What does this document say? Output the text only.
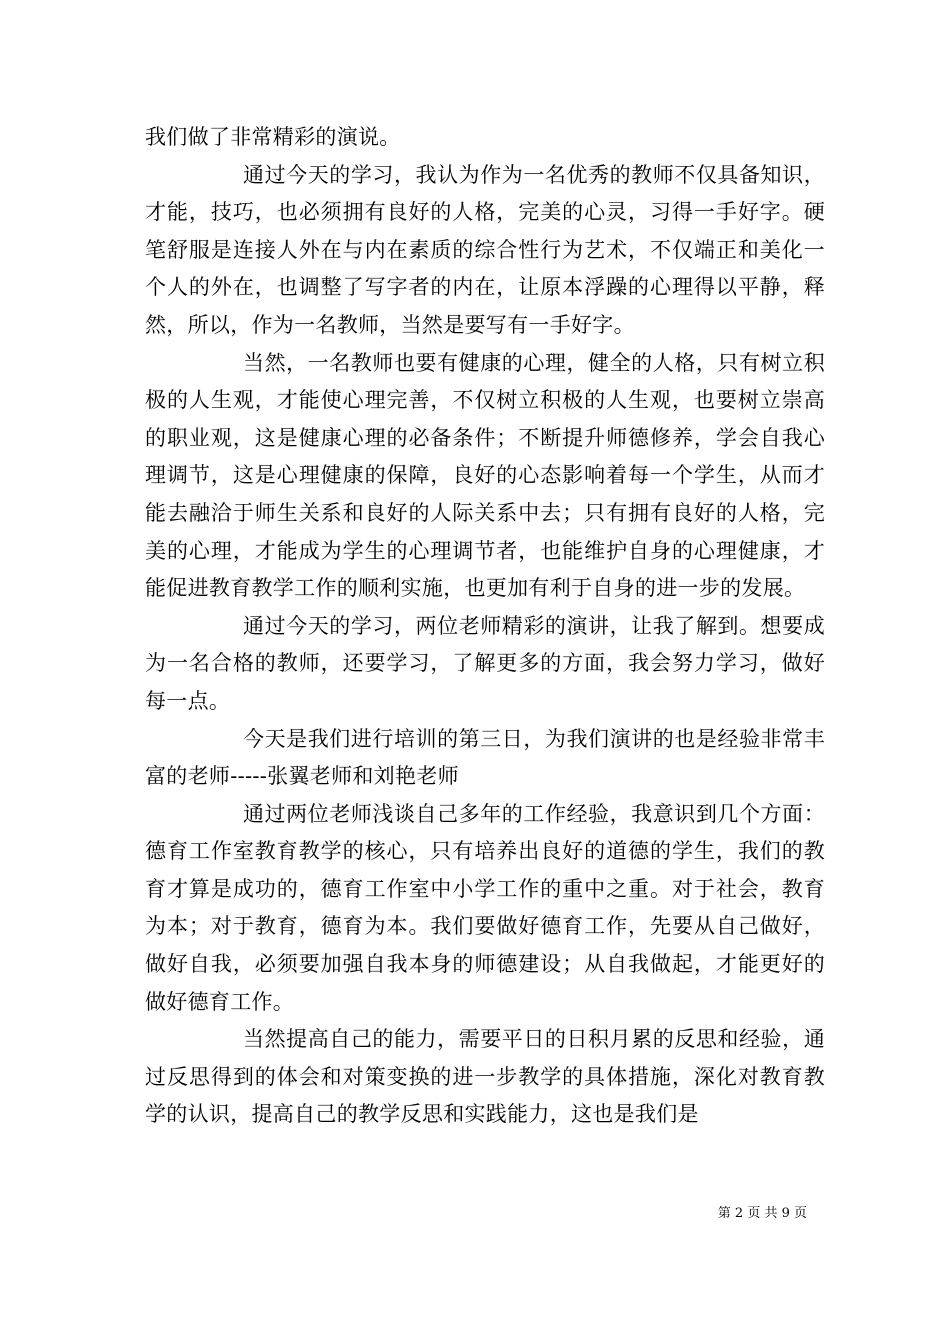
我们做了非常精彩的演说。

通过今天的学习，我认为作为一名优秀的教师不仅具备知识，才能，技巧，也必须拥有良好的人格，完美的心灵，习得一手好字。硬笔舒服是连接人外在与内在素质的综合性行为艺术，不仅端正和美化一个人的外在，也调整了写字者的内在，让原本浮躁的心理得以平静，释然，所以，作为一名教师，当然是要写有一手好字。

当然，一名教师也要有健康的心理，健全的人格，只有树立积极的人生观，才能使心理完善，不仅树立积极的人生观，也要树立崇高的职业观，这是健康心理的必备条件；不断提升师德修养，学会自我心理调节，这是心理健康的保障，良好的心态影响着每一个学生，从而才能去融洽于师生关系和良好的人际关系中去；只有拥有良好的人格，完美的心理，才能成为学生的心理调节者，也能维护自身的心理健康，才能促进教育教学工作的顺利实施，也更加有利于自身的进一步的发展。

通过今天的学习，两位老师精彩的演讲，让我了解到。想要成为一名合格的教师，还要学习，了解更多的方面，我会努力学习，做好每一点。

今天是我们进行培训的第三日，为我们演讲的也是经验非常丰富的老师-----张翼老师和刘艳老师

通过两位老师浅谈自己多年的工作经验，我意识到几个方面：德育工作室教育教学的核心，只有培养出良好的道德的学生，我们的教育才算是成功的，德育工作室中小学工作的重中之重。对于社会，教育为本；对于教育，德育为本。我们要做好德育工作，先要从自己做好，做好自我，必须要加强自我本身的师德建设；从自我做起，才能更好的做好德育工作。

当然提高自己的能力，需要平日的日积月累的反思和经验，通过反思得到的体会和对策变换的进一步教学的具体措施，深化对教育教学的认识，提高自己的教学反思和实践能力，这也是我们是

第 2 页 共 9 页
